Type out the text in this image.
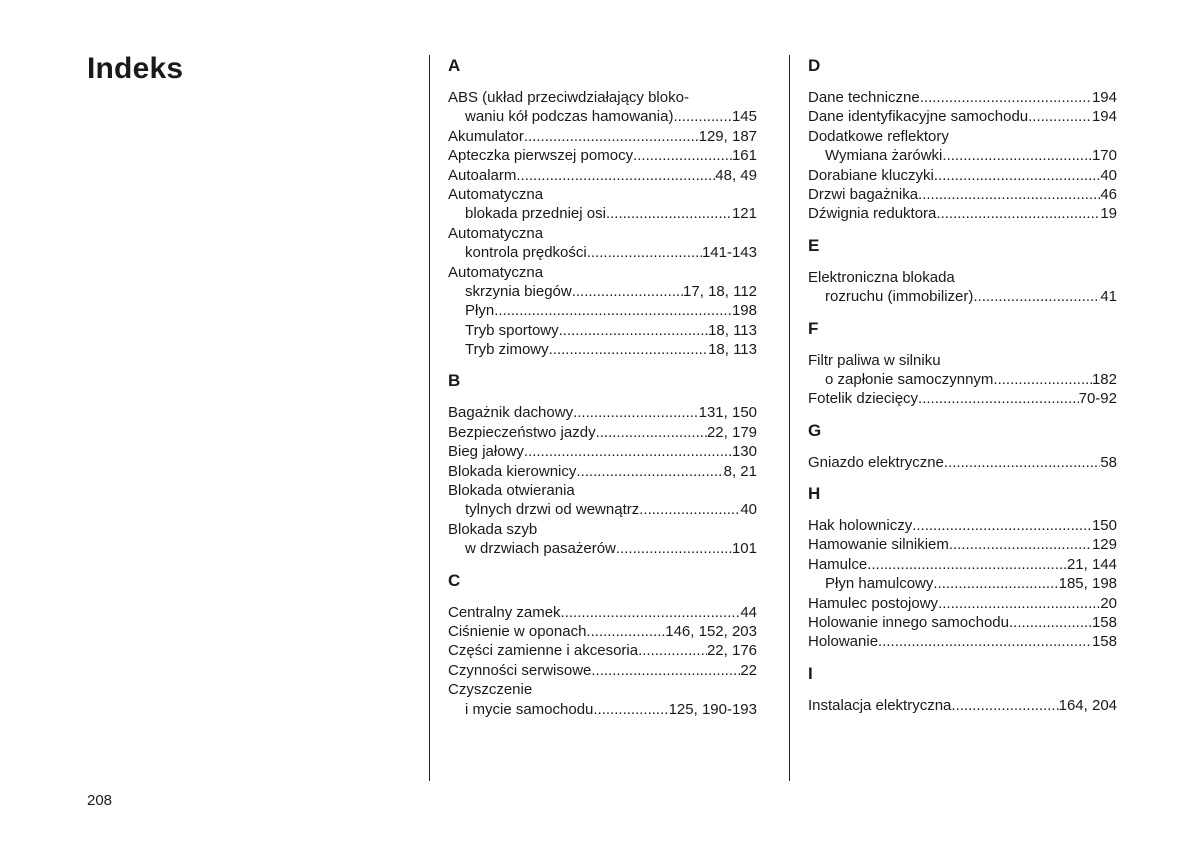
Indeks	A
ABS (układ przeciwdziałający bloko-
waniu kół podczas hamowania) .....	145
Akumulator .....	129, 187
Apteczka pierwszej pomocy .....	161
Autoalarm .....	48, 49
Automatyczna
blokada przedniej osi .....	121
Automatyczna
kontrola prędkości .....	141-143
Automatyczna
skrzynia biegów .....	17, 18, 112
Płyn .....	198
Tryb sportowy .....	18, 113
Tryb zimowy .....	18, 113
B
Bagażnik dachowy .....	131, 150
Bezpieczeństwo jazdy .....	22, 179
Bieg jałowy .....	130
Blokada kierownicy .....	8, 21
Blokada otwierania
tylnych drzwi od wewnątrz .....	40
Blokada szyb
w drzwiach pasażerów .....	101
C
Centralny zamek .....	44
Ciśnienie w oponach .....	146, 152, 203
Części zamienne i akcesoria .....	22, 176
Czynności serwisowe .....	22
Czyszczenie
i mycie samochodu .....	125, 190-193
D
Dane techniczne .....	194
Dane identyfikacyjne samochodu .....	194
Dodatkowe reflektory
Wymiana żarówki .....	170
Dorabiane kluczyki .....	40
Drzwi bagażnika .....	46
Dźwignia reduktora .....	19
E
Elektroniczna blokada
rozruchu (immobilizer) .....	41
F
Filtr paliwa w silniku
o zapłonie samoczynnym .....	182
Fotelik dziecięcy .....	70-92
G
Gniazdo elektryczne .....	58
H
Hak holowniczy .....	150
Hamowanie silnikiem .....	129
Hamulce .....	21, 144
Płyn hamulcowy .....	185, 198
Hamulec postojowy .....	20
Holowanie innego samochodu .....	158
Holowanie .....	158
I
Instalacja elektryczna .....	164, 204
208
